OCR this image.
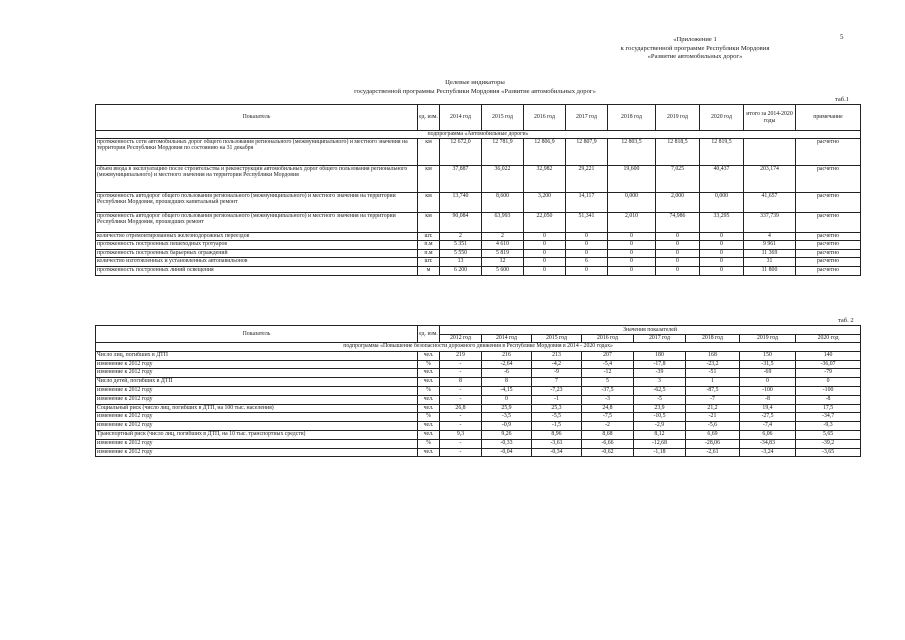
5
«Приложение 1
к государственной программе Республики Мордовия
«Развитие автомобильных дорог»
Целевые индикаторы
государственной программы Республики Мордовия «Развитие автомобильных дорог»
таб.1
Показатель	ед. изм.	2014 год	2015 год	2016 год	2017 год	2018 год	2019 год	2020 год	итого за 2014-2020 годы	примечание
подпрограмма «Автомобильные дороги»										
протяженность сети автомобильных дорог общего пользования регионального (межмуниципального) и местного значения на территории Республики Мордовия по состоянию на 31 декабря	км	12 672,0	12 781,9	12 806,9	12 807,9	12 803,5	12 818,5	12 819,5		расчетно
объем ввода в эксплуатацию после строительства и реконструкции автомобильных дорог общего пользования регионального (межмуниципального) и местного значения на территории Республики Мордовия	км	37,887	36,022	32,982	29,221	19,600	7,025	40,437	203,174	расчетно
протяженность автодорог общего пользования регионального (межмуниципального) и местного значения на территории Республики Мордовия, прошедших капитальный ремонт	км	13,740	8,600	3,200	14,117	0,000	2,000	0,000	41,657	расчетно
протяженность автодорог общего пользования регионального (межмуниципального) и местного значения на территории Республики Мордовия, прошедших ремонт	км	90,084	63,993	22,050	51,341	2,010	74,986	33,295	337,739	расчетно
количество отремонтированных железнодорожных переездов	шт.	2	2	0	0	0	0	0	4	расчетно
протяженность построенных пешеходных тротуаров	п.м	5 351	4 610	0	0	0	0	0	9 961	расчетно
протяженность построенных барьерных ограждений	п.м	5 550	5 819	0	0	0	0	0	11 369	расчетно
количество изготовленных и установленных автопавильонов	шт.	13	12	0	6	0	0	0	31	расчетно
протяженность построенных линий освещения	м	6 200	5 600	0	0	0	0	0	11 800	расчетно
таб. 2
Показатель	ед. изм.	Значения показателей							
		2012 год	2014 год	2015 год	2016 год	2017 год	2018 год	2019 год	2020 год
подпрограмма «Повышение безопасности дорожного движения в Республике Мордовия в 2014 - 2020 годах»									
Число лиц, погибших в ДТП	чел.	219	216	213	207	180	168	150	140
изменение к 2012 году	%	-	-2,64	-4,2	-5,4	-17,8	-23,2	-31,5	-36,07
изменение к 2012 году	чел.	-	-6	-9	-12	-39	-51	-69	-79
Число детей, погибших в ДТП	чел.	8	8	7	5	3	1	0	0
изменение к 2012 году	%	-	-4,15	-7,23	-37,5	-62,5	-87,5	-100	-100
изменение к 2012 году	чел.	-	0	-1	-3	-5	-7	-8	-8
Социальный риск (число лиц, погибших в ДТП, на 100 тыс. населения)	чел.	26,8	25,9	25,3	24,8	23,9	21,2	19,4	17,5
изменение к 2012 году	%	-	-3,5	-5,5	-7,5	-10,5	-21	-27,5	-34,7
изменение к 2012 году	чел.	-	-0,9	-1,5	-2	-2,9	-5,6	-7,4	-9,3
Транспортный риск (число лиц, погибших в ДТП, на 10 тыс. транспортных средств)	чел.	9,3	9,26	8,96	8,68	8,12	6,69	6,06	5,65
изменение к 2012 году	%	-	-0,33	-3,61	-6,66	-12,68	-28,06	-34,83	-39,2
изменение к 2012 году	чел.	-	-0,04	-0,34	-0,62	-1,18	-2,61	-3,24	-3,65
